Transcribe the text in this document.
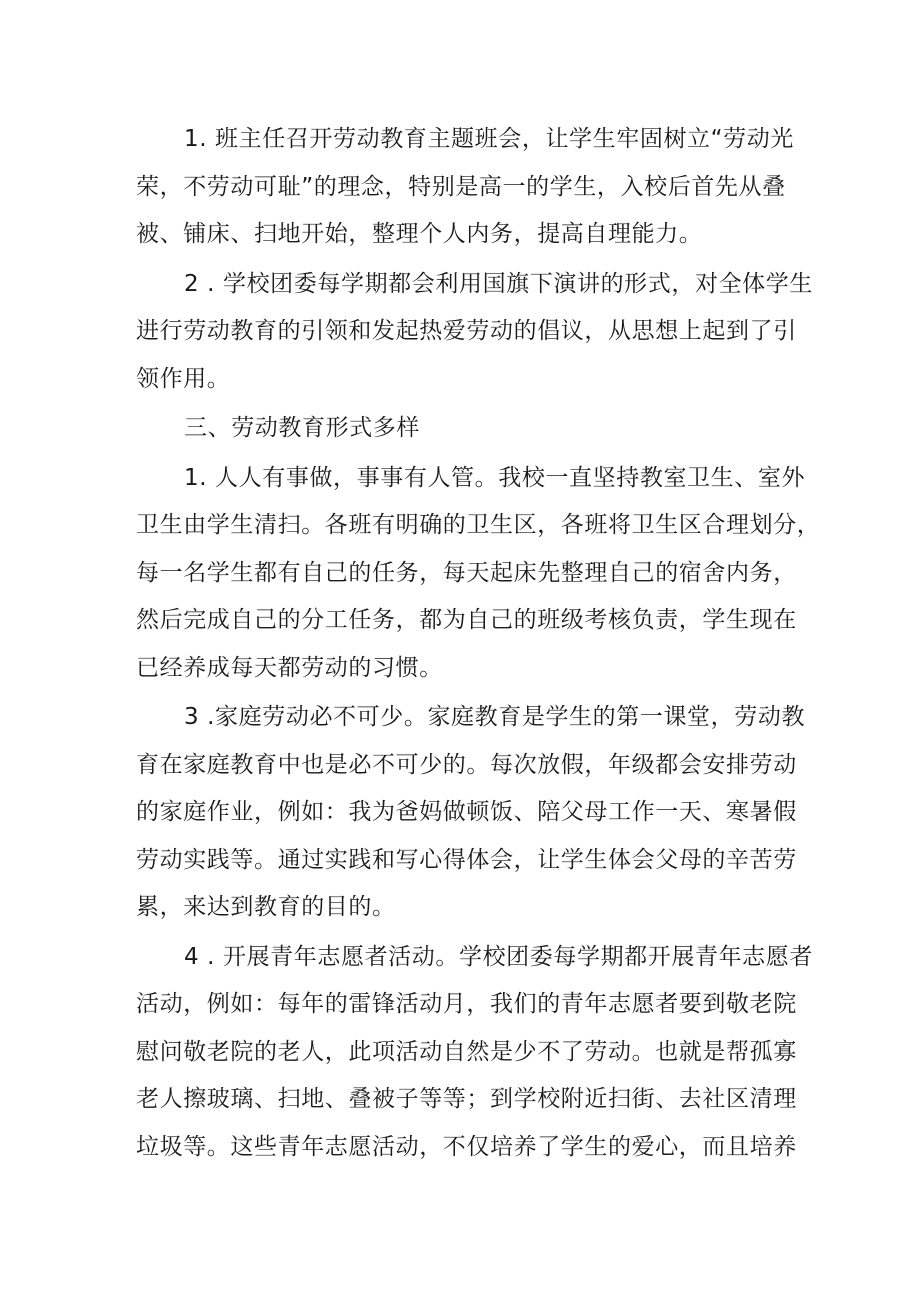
1. 班主任召开劳动教育主题班会，让学生牢固树立“劳动光
荣，不劳动可耻”的理念，特别是高一的学生，入校后首先从叠
被、铺床、扫地开始，整理个人内务，提高自理能力。

2 . 学校团委每学期都会利用国旗下演讲的形式，对全体学生
进行劳动教育的引领和发起热爱劳动的倡议，从思想上起到了引
领作用。

三、劳动教育形式多样

1. 人人有事做，事事有人管。我校一直坚持教室卫生、室外
卫生由学生清扫。各班有明确的卫生区，各班将卫生区合理划分，
每一名学生都有自己的任务，每天起床先整理自己的宿舍内务，
然后完成自己的分工任务，都为自己的班级考核负责，学生现在
已经养成每天都劳动的习惯。

3 .家庭劳动必不可少。家庭教育是学生的第一课堂，劳动教
育在家庭教育中也是必不可少的。每次放假，年级都会安排劳动
的家庭作业，例如：我为爸妈做顿饭、陪父母工作一天、寒暑假
劳动实践等。通过实践和写心得体会，让学生体会父母的辛苦劳
累，来达到教育的目的。

4 . 开展青年志愿者活动。学校团委每学期都开展青年志愿者
活动，例如：每年的雷锋活动月，我们的青年志愿者要到敬老院
慰问敬老院的老人，此项活动自然是少不了劳动。也就是帮孤寡
老人擦玻璃、扫地、叠被子等等；到学校附近扫街、去社区清理
垃圾等。这些青年志愿活动，不仅培养了学生的爱心，而且培养
